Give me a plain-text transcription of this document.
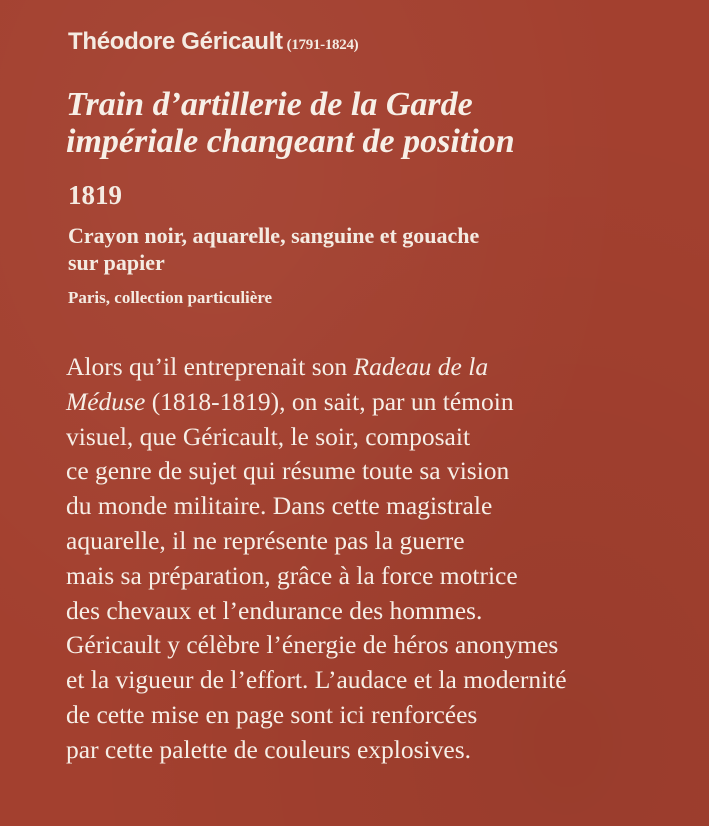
Théodore Géricault (1791-1824)
Train d’artillerie de la Garde
impériale changeant de position
1819
Crayon noir, aquarelle, sanguine et gouache
sur papier
Paris, collection particulière
Alors qu’il entreprenait son Radeau de la
Méduse (1818-1819), on sait, par un témoin
visuel, que Géricault, le soir, composait
ce genre de sujet qui résume toute sa vision
du monde militaire. Dans cette magistrale
aquarelle, il ne représente pas la guerre
mais sa préparation, grâce à la force motrice
des chevaux et l’endurance des hommes.
Géricault y célèbre l’énergie de héros anonymes
et la vigueur de l’effort. L’audace et la modernité
de cette mise en page sont ici renforcées
par cette palette de couleurs explosives.
